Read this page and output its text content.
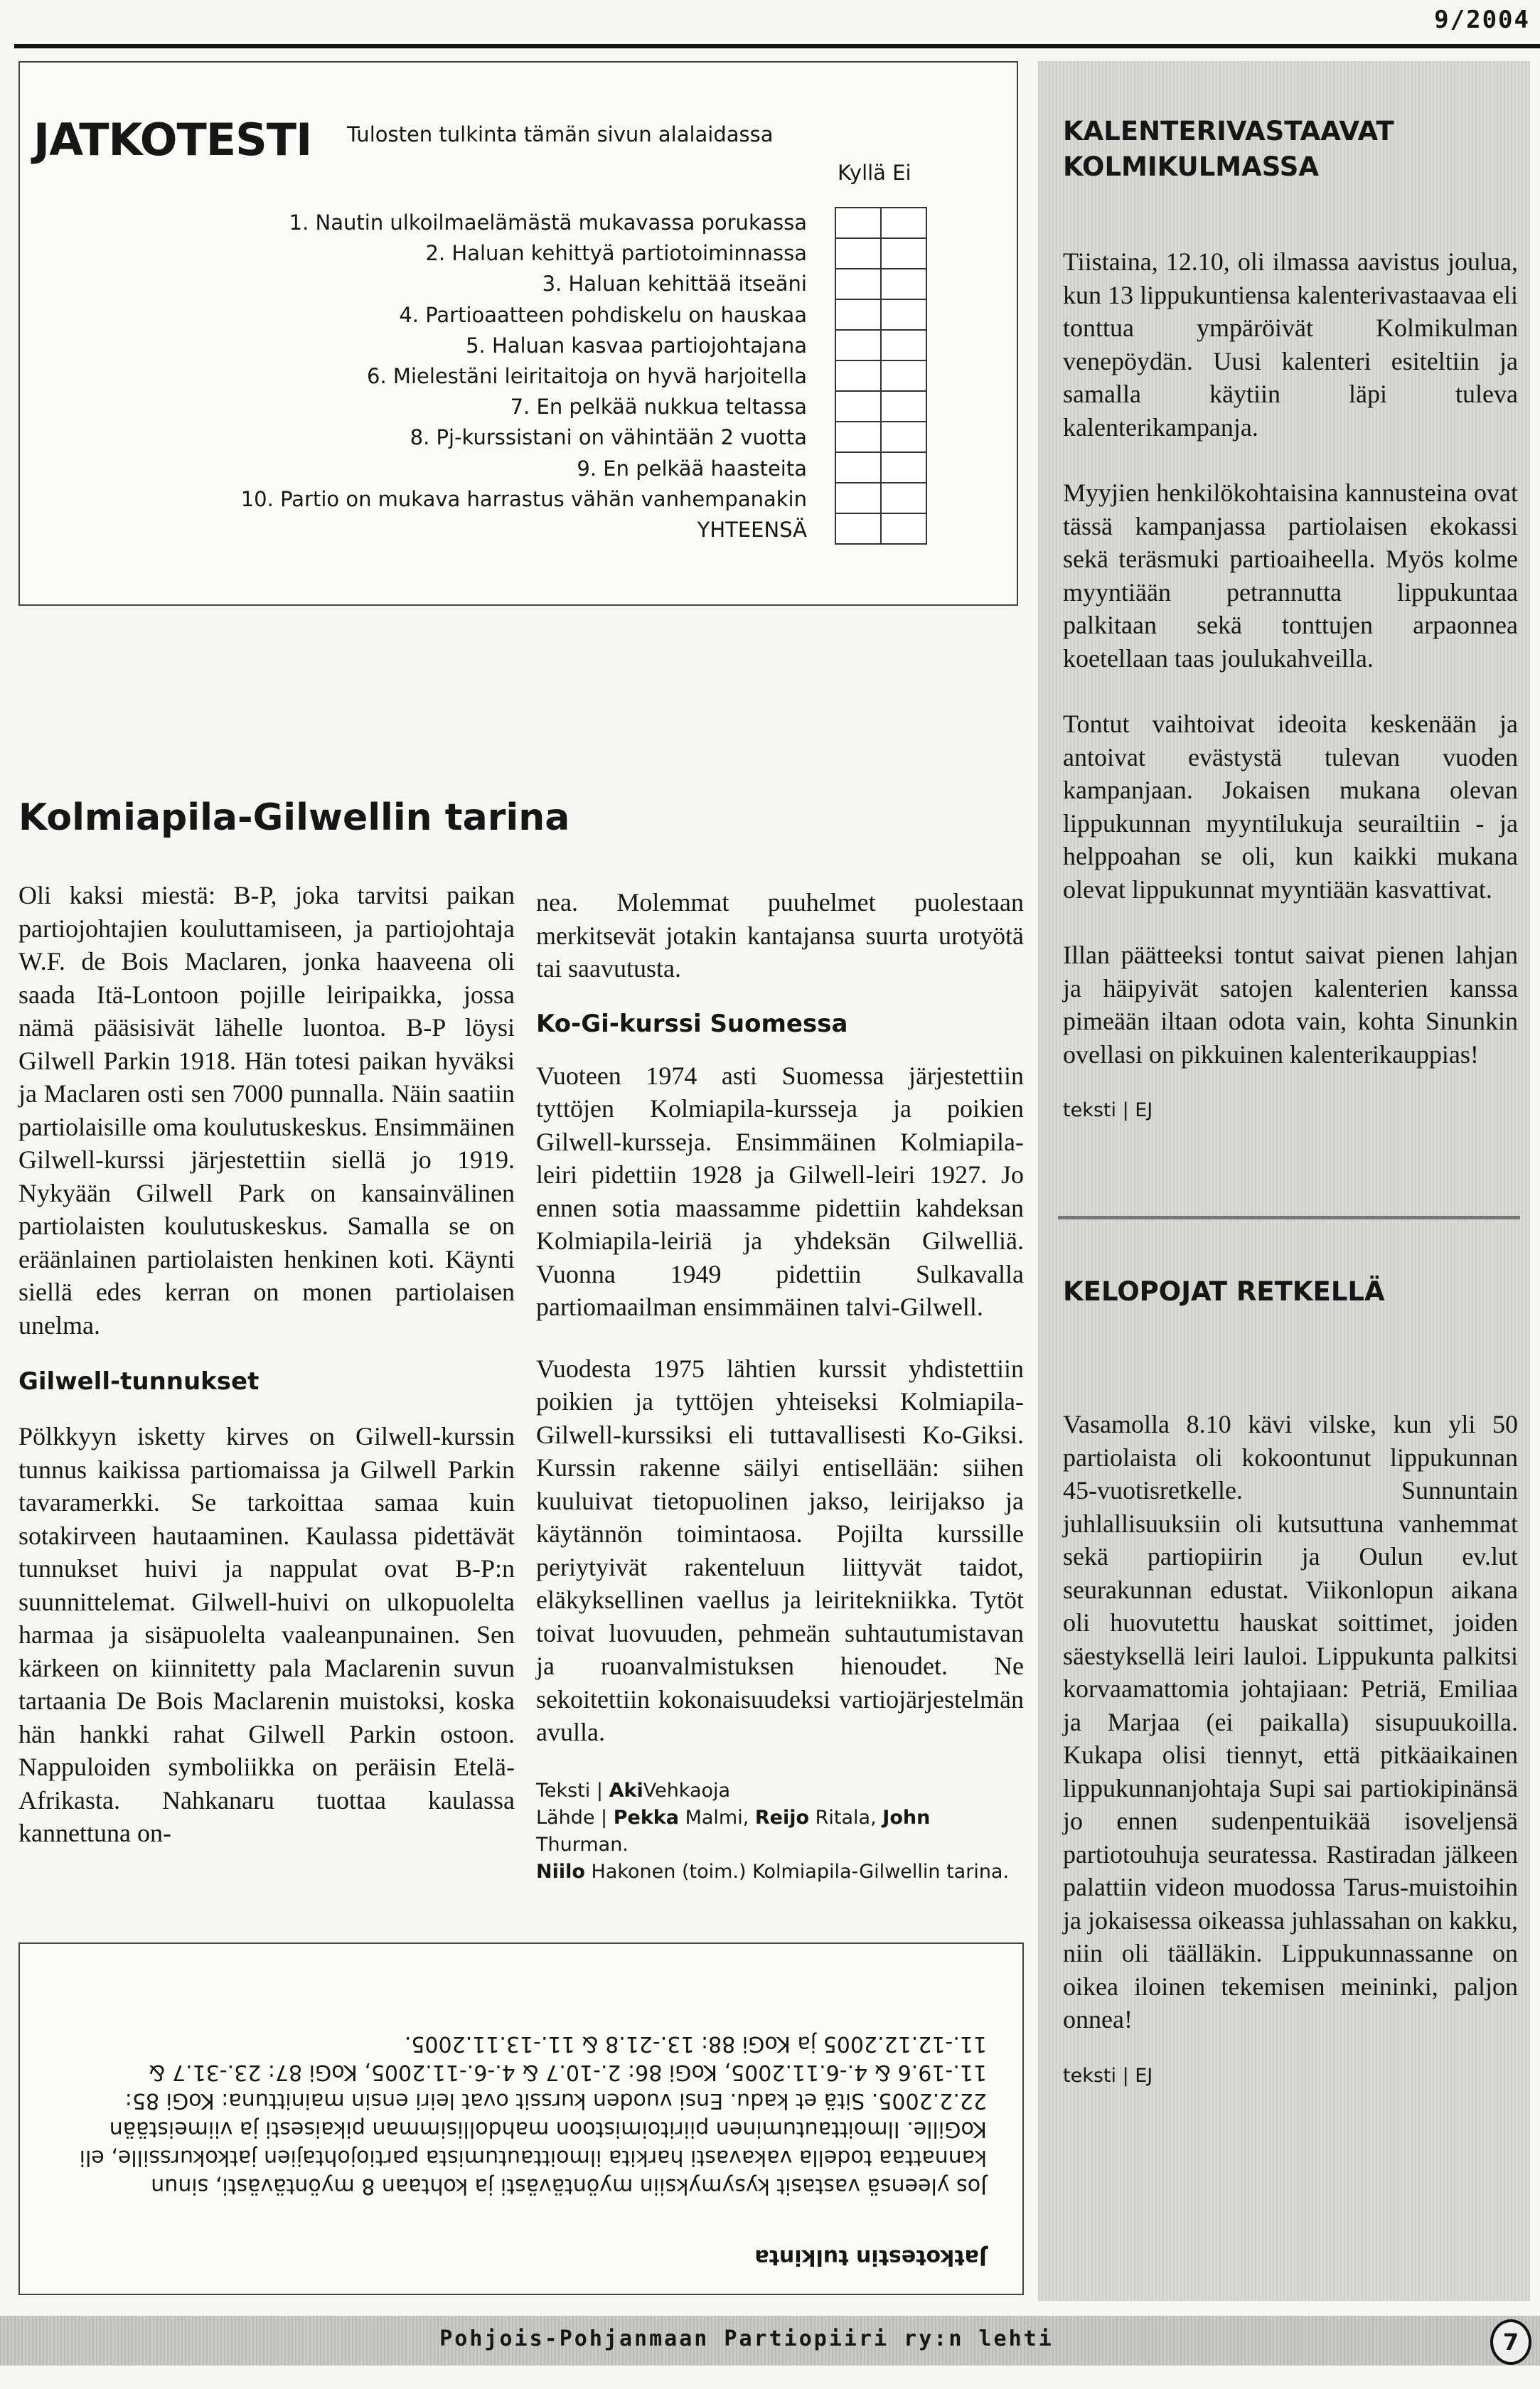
9/2004
JATKOTESTI Tulosten tulkinta tämän sivun alalaidassa
Kyllä Ei
1. Nautin ulkoilmaelämästä mukavassa porukassa
2. Haluan kehittyä partiotoiminnassa
3. Haluan kehittää itseäni
4. Partioaatteen pohdiskelu on hauskaa
5. Haluan kasvaa partiojohtajana
6. Mielestäni leiritaitoja on hyvä harjoitella
7. En pelkää nukkua teltassa
8. Pj-kurssistani on vähintään 2 vuotta
9. En pelkää haasteita
10. Partio on mukava harrastus vähän vanhempanakin
YHTEENSÄ

KALENTERIVASTAAVAT
KOLMIKULMASSA

Tiistaina, 12.10, oli ilmassa aavistus joulua, kun 13 lippukuntiensa kalenterivastaavaa eli tonttua ympäröivät Kolmikulman venepöydän. Uusi kalenteri esiteltiin ja samalla käytiin läpi tuleva kalenterikampanja.

Myyjien henkilökohtaisina kannusteina ovat tässä kampanjassa partiolaisen ekokassi sekä teräsmuki partioaiheella. Myös kolme myyntiään petrannutta lippukuntaa palkitaan sekä tonttujen arpaonnea koetellaan taas joulukahveilla.

Tontut vaihtoivat ideoita keskenään ja antoivat evästystä tulevan vuoden kampanjaan. Jokaisen mukana olevan lippukunnan myyntilukuja seurailtiin - ja helppoahan se oli, kun kaikki mukana olevat lippukunnat myyntiään kasvattivat.

Illan päätteeksi tontut saivat pienen lahjan ja häipyivät satojen kalenterien kanssa pimeään iltaan odota vain, kohta Sinunkin ovellasi on pikkuinen kalenterikauppias!

teksti | EJ
KELOPOJAT RETKELLÄ

Vasamolla 8.10 kävi vilske, kun yli 50 partiolaista oli kokoontunut lippukunnan 45-vuotisretkelle. Sunnuntain juhlallisuuksiin oli kutsuttuna vanhemmat sekä partiopiirin ja Oulun ev.lut seurakunnan edustat. Viikonlopun aikana oli huovutettu hauskat soittimet, joiden säestyksellä leiri lauloi. Lippukunta palkitsi korvaamattomia johtajiaan: Petriä, Emiliaa ja Marjaa (ei paikalla) sisupuukoilla. Kukapa olisi tiennyt, että pitkäaikainen lippukunnanjohtaja Supi sai partiokipinänsä jo ennen sudenpentuikää isoveljensä partiotouhuja seuratessa. Rastiradan jälkeen palattiin videon muodossa Tarus-muistoihin ja jokaisessa oikeassa juhlassahan on kakku, niin oli täälläkin. Lippukunnassanne on oikea iloinen tekemisen meininki, paljon onnea!

teksti | EJ
Kolmiapila-Gilwellin tarina

Oli kaksi miestä: B-P, joka tarvitsi paikan partiojohtajien kouluttamiseen, ja partiojohtaja W.F. de Bois Maclaren, jonka haaveena oli saada Itä-Lontoon pojille leiripaikka, jossa nämä pääsisivät lähelle luontoa. B-P löysi Gilwell Parkin 1918. Hän totesi paikan hyväksi ja Maclaren osti sen 7000 punnalla. Näin saatiin partiolaisille oma koulutuskeskus. Ensimmäinen Gilwell-kurssi järjestettiin siellä jo 1919. Nykyään Gilwell Park on kansainvälinen partiolaisten koulutuskeskus. Samalla se on eräänlainen partiolaisten henkinen koti. Käynti siellä edes kerran on monen partiolaisen unelma.

Gilwell-tunnukset

Pölkkyyn isketty kirves on Gilwell-kurssin tunnus kaikissa partiomaissa ja Gilwell Parkin tavaramerkki. Se tarkoittaa samaa kuin sotakirveen hautaaminen. Kaulassa pidettävät tunnukset huivi ja nappulat ovat B-P:n suunnittelemat. Gilwell-huivi on ulkopuolelta harmaa ja sisäpuolelta vaaleanpunainen. Sen kärkeen on kiinnitetty pala Maclarenin suvun tartaania De Bois Maclarenin muistoksi, koska hän hankki rahat Gilwell Parkin ostoon. Nappuloiden symboliikka on peräisin Etelä-Afrikasta. Nahkanaru tuottaa kaulassa kannettuna on-

nea. Molemmat puuhelmet puolestaan merkitsevät jotakin kantajansa suurta urotyötä tai saavutusta.

Ko-Gi-kurssi Suomessa

Vuoteen 1974 asti Suomessa järjestettiin tyttöjen Kolmiapila-kursseja ja poikien Gilwell-kursseja. Ensimmäinen Kolmiapila-leiri pidettiin 1928 ja Gilwell-leiri 1927. Jo ennen sotia maassamme pidettiin kahdeksan Kolmiapila-leiriä ja yhdeksän Gilwelliä. Vuonna 1949 pidettiin Sulkavalla partiomaailman ensimmäinen talvi-Gilwell.

Vuodesta 1975 lähtien kurssit yhdistettiin poikien ja tyttöjen yhteiseksi Kolmiapila-Gilwell-kurssiksi eli tuttavallisesti Ko-Giksi. Kurssin rakenne säilyi entisellään: siihen kuuluivat tietopuolinen jakso, leirijakso ja käytännön toimintaosa. Pojilta kurssille periytyivät rakenteluun liittyvät taidot, eläkyksellinen vaellus ja leiritekniikka. Tytöt toivat luovuuden, pehmeän suhtautumistavan ja ruoanvalmistuksen hienoudet. Ne sekoitettiin kokonaisuudeksi vartiojärjestelmän avulla.

Teksti | AkiVehkaoja
Lähde | Pekka Malmi, Reijo Ritala, John Thurman.
Niilo Hakonen (toim.) Kolmiapila-Gilwellin tarina.
Jatkotestin tulkinta
Jos yleensä vastasit kysymyksiin myöntävästi ja kohtaan 8 myöntävästi, sinun kannattaa todella vakavasti harkita ilmoittautumista partiojohtajien jatkokurssille, eli KoGille. Ilmoittautuminen piiritoimistoon mahdollisimman pikaisesti ja viimeistään 22.2.2005. Sitä et kadu. Ensi vuoden kurssit ovat leiri ensin mainittuna: KoGi 85: 11.-19.6 & 4.-6.11.2005, KoGi 86: 2.-10.7 & 4.-6.-11.2005, KoGi 87: 23.-31.7 & 11.-12.12.2005 ja KoGi 88: 13.-21.8 & 11.-13.11.2005.
Pohjois-Pohjanmaan Partiopiiri ry:n lehti	7
